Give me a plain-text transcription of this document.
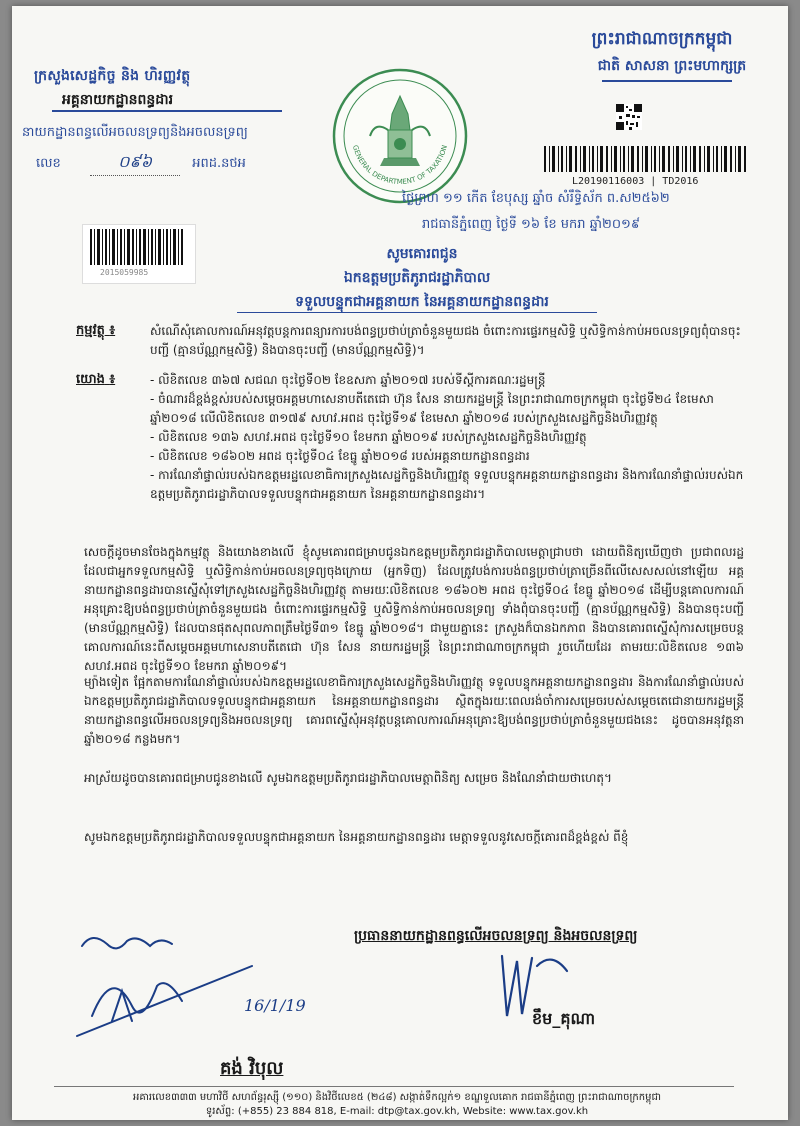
ក្រសួងសេដ្ឋកិច្ច និង ហិរញ្ញវត្ថុ
អគ្គនាយកដ្ឋានពន្ធដារ
នាយកដ្ឋានពន្ធលើអចលនទ្រព្យនិងអចលនទ្រព្យ
លេខ	០៩៦	អពដ.នថអ
2015059985
GENERAL DEPARTMENT OF TAXATION
ព្រះរាជាណាចក្រកម្ពុជា
ជាតិ សាសនា ព្រះមហាក្សត្រ
L20190116003 | TD2016
ថ្ងៃព្រហ ១១ កើត ខែបុស្ស ឆ្នាំច សំរឹទ្ធិស័ក ព.ស២៥៦២
រាជធានីភ្នំពេញ ថ្ងៃទី ១៦ ខែ មករា ឆ្នាំ២០១៩
សូមគោរពជូន
ឯកឧត្តមប្រតិភូរាជរដ្ឋាភិបាល
ទទួលបន្ទុកជាអគ្គនាយក នៃអគ្គនាយកដ្ឋានពន្ធដារ
កម្មវត្ថុ ៖	សំណើសុំគោលការណ៍អនុវត្តបន្តការពន្យារការបង់ពន្ធប្រថាប់ត្រាចំនួនមួយជង ចំពោះការផ្ទេរកម្មសិទ្ធិ ឬសិទ្ធិកាន់កាប់អចលនទ្រព្យពុំបានចុះបញ្ជី (គ្មានប័ណ្ណកម្មសិទ្ធិ) និងបានចុះបញ្ជី (មានប័ណ្ណកម្មសិទ្ធិ)។
យោង ៖	- លិខិតលេខ ៣៦៧ សជណ ចុះថ្ងៃទី០២ ខែឧសភា ឆ្នាំ២០១៧ របស់ទីស្តីការគណៈរដ្ឋមន្ត្រី
- ចំណារដ៏ខ្ពង់ខ្ពស់របស់សម្តេចអគ្គមហាសេនាបតីតេជោ ហ៊ុន សែន នាយករដ្ឋមន្ត្រី នៃព្រះរាជាណាចក្រកម្ពុជា ចុះថ្ងៃទី២៤ ខែមេសា ឆ្នាំ២០១៨ លើលិខិតលេខ ៣១៧៩ សហវ.អពដ ចុះថ្ងៃទី១៩ ខែមេសា ឆ្នាំ២០១៨ របស់ក្រសួងសេដ្ឋកិច្ចនិងហិរញ្ញវត្ថុ
- លិខិតលេខ ១៣៦ សហវ.អពដ ចុះថ្ងៃទី១០ ខែមករា ឆ្នាំ២០១៩ របស់ក្រសួងសេដ្ឋកិច្ចនិងហិរញ្ញវត្ថុ
- លិខិតលេខ ១៨៦០២ អពដ ចុះថ្ងៃទី០៤ ខែធ្នូ ឆ្នាំ២០១៨ របស់អគ្គនាយកដ្ឋានពន្ធដារ
- ការណែនាំផ្ទាល់របស់ឯកឧត្តមរដ្ឋលេខាធិការក្រសួងសេដ្ឋកិច្ចនិងហិរញ្ញវត្ថុ ទទួលបន្ទុកអគ្គនាយកដ្ឋានពន្ធដារ និងការណែនាំផ្ទាល់របស់ឯកឧត្តមប្រតិភូរាជរដ្ឋាភិបាលទទួលបន្ទុកជាអគ្គនាយក នៃអគ្គនាយកដ្ឋានពន្ធដារ។
សេចក្តីដូចមានចែងក្នុងកម្មវត្ថុ និងយោងខាងលើ ខ្ញុំសូមគោរពជម្រាបជូនឯកឧត្តមប្រតិភូរាជរដ្ឋាភិបាលមេត្តាជ្រាបថា ដោយពិនិត្យឃើញថា ប្រជាពលរដ្ឋដែលជាអ្នកទទួលកម្មសិទ្ធិ ឬសិទ្ធិកាន់កាប់អចលនទ្រព្យចុងក្រោយ (អ្នកទិញ) ដែលត្រូវបង់ការបង់ពន្ធប្រថាប់ត្រាច្រើនពីលើសេសសល់នៅឡើយ អគ្គនាយកដ្ឋានពន្ធដារបានស្នើសុំទៅក្រសួងសេដ្ឋកិច្ចនិងហិរញ្ញវត្ថុ តាមរយៈលិខិតលេខ ១៨៦០២ អពដ ចុះថ្ងៃទី០៤ ខែធ្នូ ឆ្នាំ២០១៨ ដើម្បីបន្តគោលការណ៍អនុគ្រោះឱ្យបង់ពន្ធប្រថាប់ត្រាចំនួនមួយជង ចំពោះការផ្ទេរកម្មសិទ្ធិ ឬសិទ្ធិកាន់កាប់អចលនទ្រព្យ ទាំងពុំបានចុះបញ្ជី (គ្មានប័ណ្ណកម្មសិទ្ធិ) និងបានចុះបញ្ជី (មានប័ណ្ណកម្មសិទ្ធិ) ដែលបានផុតសុពលភាពត្រឹមថ្ងៃទី៣១ ខែធ្នូ ឆ្នាំ២០១៨។ ជាមួយគ្នានេះ ក្រសួងក៏បានឯកភាព និងបានគោរពស្នើសុំការសម្រេចបន្តគោលការណ៍នេះពីសម្តេចអគ្គមហាសេនាបតីតេជោ ហ៊ុន សែន នាយករដ្ឋមន្ត្រី នៃព្រះរាជាណាចក្រកម្ពុជា រួចហើយដែរ តាមរយៈលិខិតលេខ ១៣៦ សហវ.អពដ ចុះថ្ងៃទី១០ ខែមករា ឆ្នាំ២០១៩។
ម្យ៉ាងទៀត ផ្អែកតាមការណែនាំផ្ទាល់របស់ឯកឧត្តមរដ្ឋលេខាធិការក្រសួងសេដ្ឋកិច្ចនិងហិរញ្ញវត្ថុ ទទួលបន្ទុកអគ្គនាយកដ្ឋានពន្ធដារ និងការណែនាំផ្ទាល់របស់ឯកឧត្តមប្រតិភូរាជរដ្ឋាភិបាលទទួលបន្ទុកជាអគ្គនាយក នៃអគ្គនាយកដ្ឋានពន្ធដារ ស្ថិតក្នុងរយៈពេលរង់ចាំការសម្រេចរបស់សម្តេចតេជោនាយករដ្ឋមន្ត្រី នាយកដ្ឋានពន្ធលើអចលនទ្រព្យនិងអចលនទ្រព្យ គោរពស្នើសុំអនុវត្តបន្តគោលការណ៍អនុគ្រោះឱ្យបង់ពន្ធប្រថាប់ត្រាចំនួនមួយជងនេះ ដូចបានអនុវត្តនាឆ្នាំ២០១៨ កន្លងមក។
អាស្រ័យដូចបានគោរពជម្រាបជូនខាងលើ សូមឯកឧត្តមប្រតិភូរាជរដ្ឋាភិបាលមេត្តាពិនិត្យ សម្រេច និងណែនាំជាយថាហេតុ។
សូមឯកឧត្តមប្រតិភូរាជរដ្ឋាភិបាលទទួលបន្ទុកជាអគ្គនាយក នៃអគ្គនាយកដ្ឋានពន្ធដារ មេត្តាទទួលនូវសេចក្តីគោរពដ៏ខ្ពង់ខ្ពស់ ពីខ្ញុំ
ប្រធាននាយកដ្ឋានពន្ធលើអចលនទ្រព្យ និងអចលនទ្រព្យ
16/1/19
ខឹម_គុណា
គង់ វិបុល
អគារលេខ៣៣៣ មហាវិថី សហព័ន្ធរុស្ស៊ី (១១០) និងវិថីលេខ៥ (២៤៨) សង្កាត់ទឹកល្អក់១ ខណ្ឌទួលគោក រាជធានីភ្នំពេញ ព្រះរាជាណាចក្រកម្ពុជា
ទូរស័ព្ទ: (+855) 23 884 818, E-mail: dtp@tax.gov.kh, Website: www.tax.gov.kh
